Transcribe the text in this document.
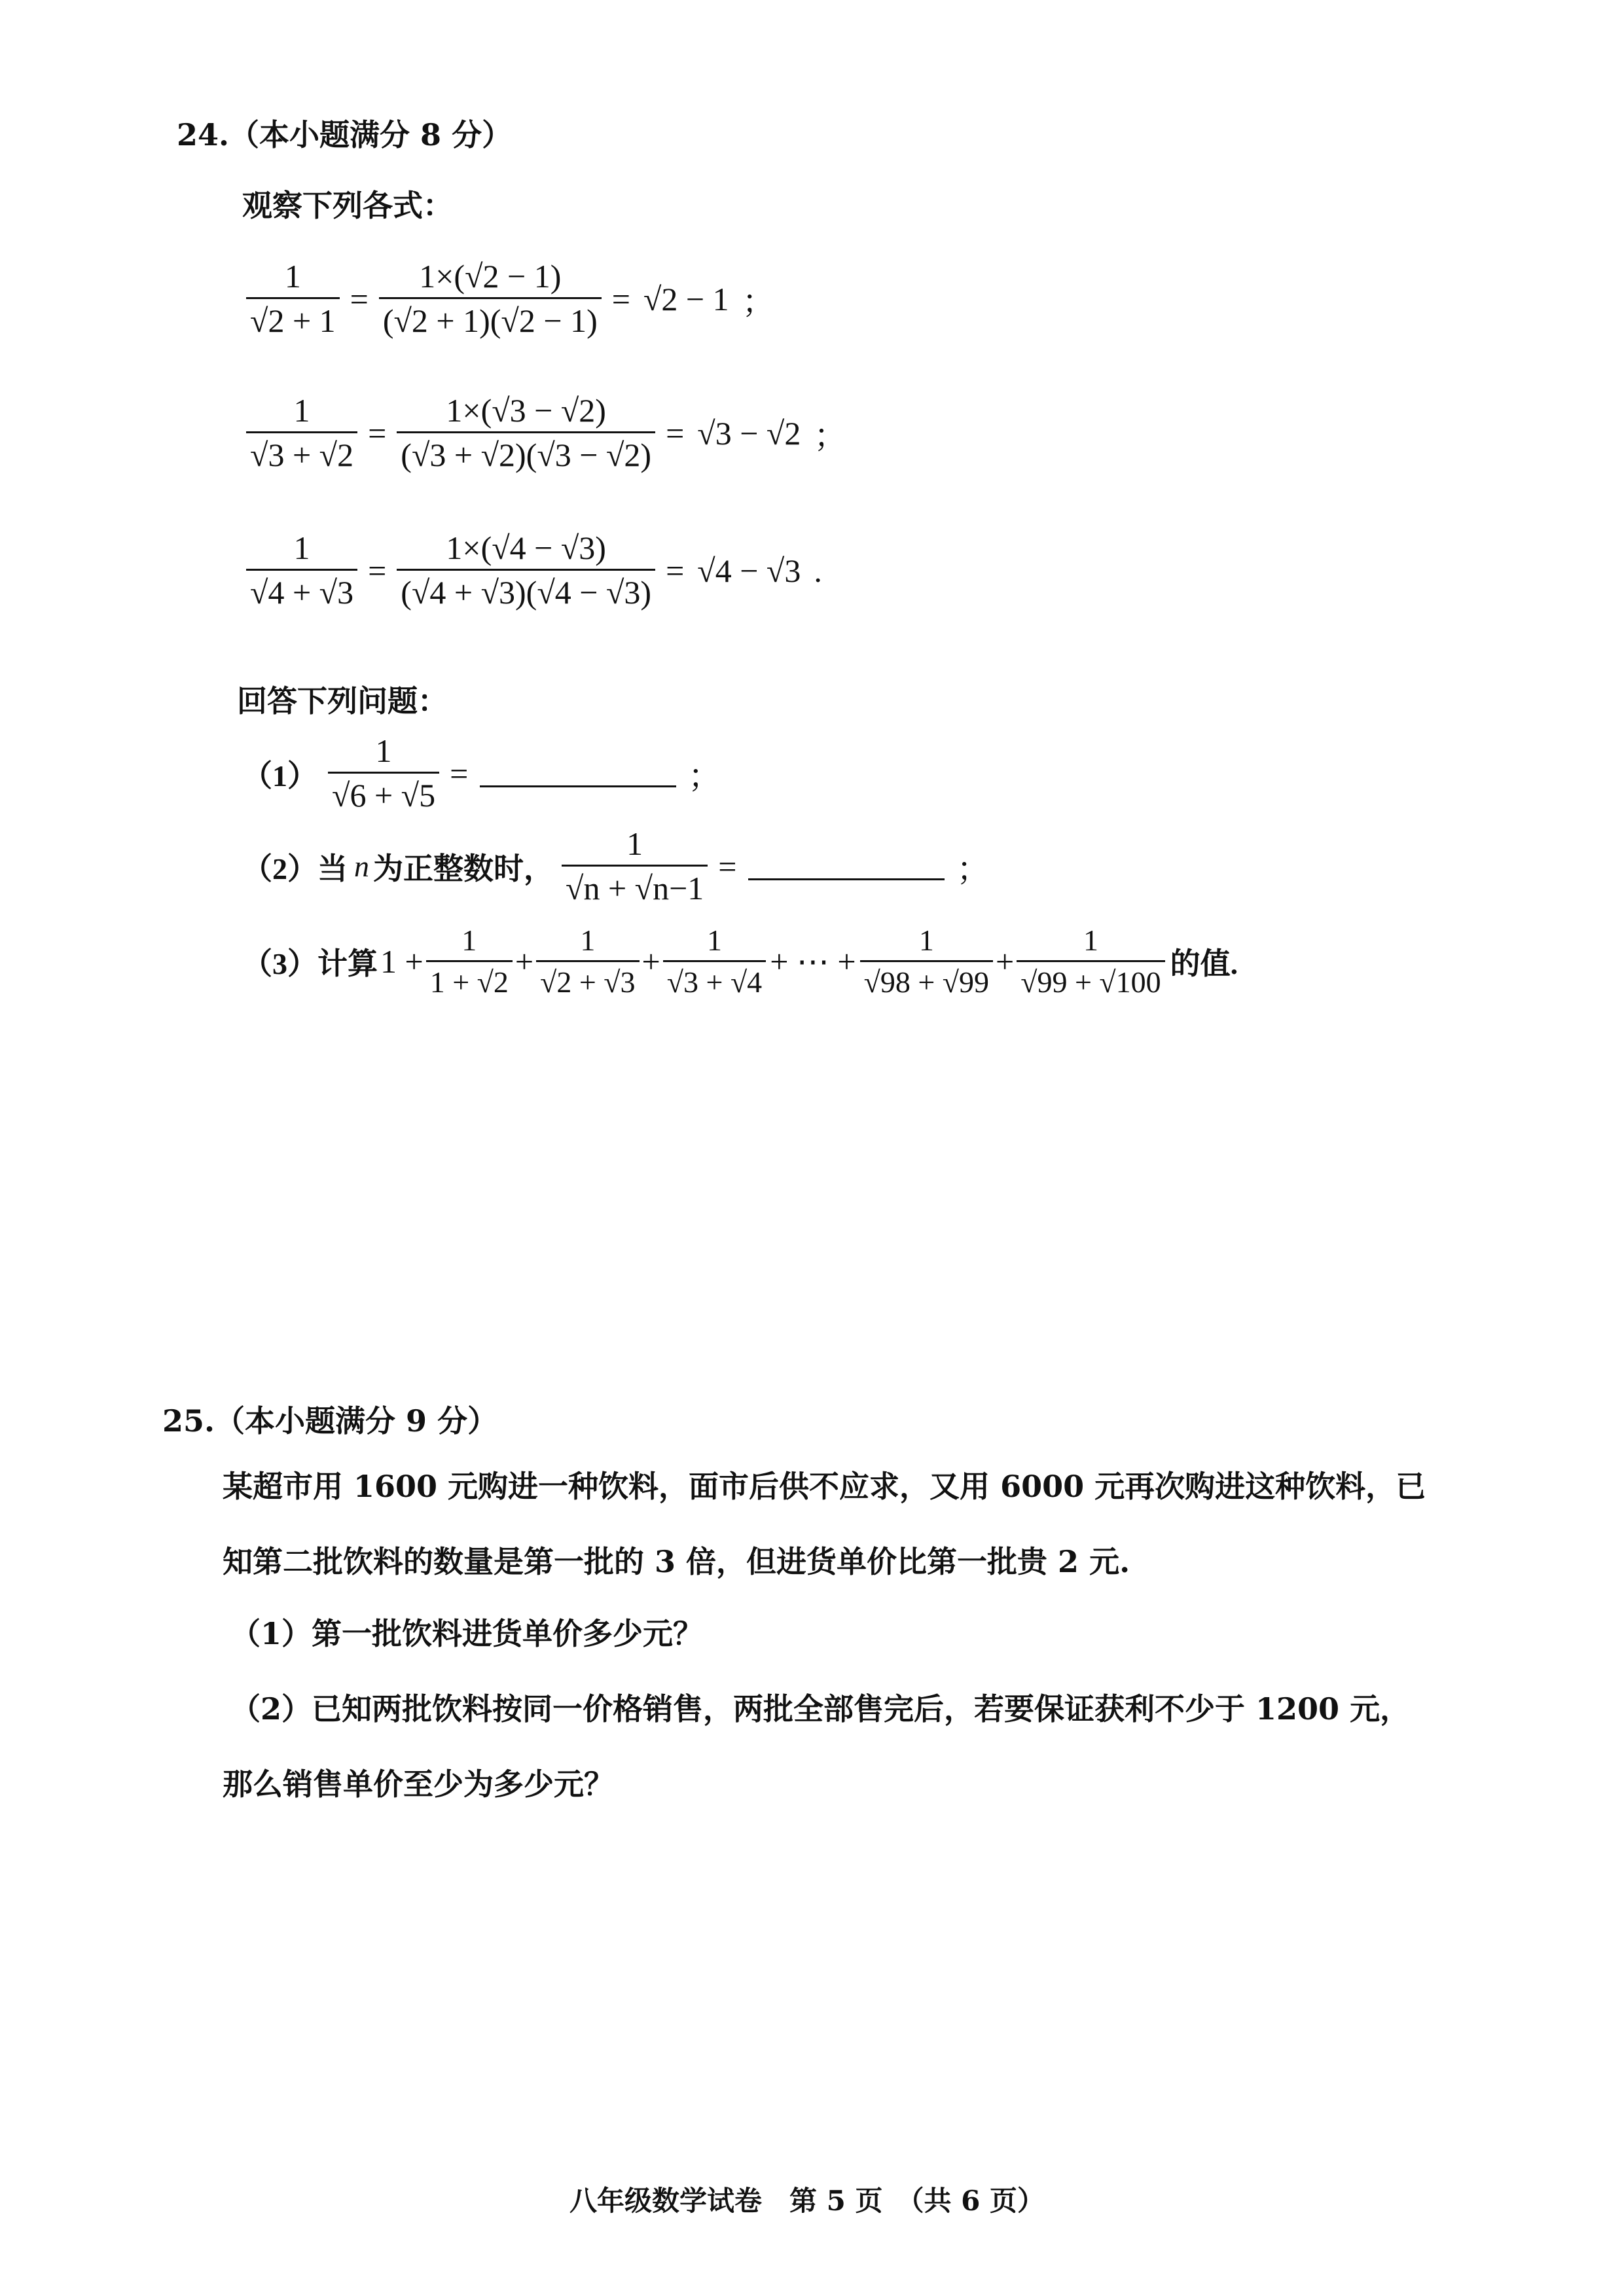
24.（本小题满分 8 分）
观察下列各式：
$\frac{1}{√2 + 1} = \frac{1\times(√2 - 1)}{(√2 + 1)(√2 - 1)} = √2 - 1$ ；
$\frac{1}{√3 + √2} = \frac{1\times(√3 - √2)}{(√3 + √2)(√3 - √2)} = √3 - √2$ ；
$\frac{1}{√4 + √3} = \frac{1\times(√4 - √3)}{(√4 + √3)(√4 - √3)} = √4 - √3$ .
回答下列问题：
$(1) \frac{1}{√6 + √5}$ =	；
（2）当 n 为正整数时， $\frac{1}{√n + √n-1}$ =	；
（3）计算$1 + \frac{1}{1 + √2} + \frac{1}{√2 + √3} + \frac{1}{√3 + √4}$ + ⋯ + $\frac{1}{√98 + √99} + \frac{1}{√99 + √100}$ 的值.
25.（本小题满分 9 分）
某超市用 1600 元购进一种饮料，面市后供不应求，又用 6000 元再次购进这种饮料，已
知第二批饮料的数量是第一批的 3 倍，但进货单价比第一批贵 2 元.
（1）第一批饮料进货单价多少元？
（2）已知两批饮料按同一价格销售，两批全部售完后，若要保证获利不少于 1200 元，
那么销售单价至少为多少元？
八年级数学试卷　第 5 页　（共 6 页）
